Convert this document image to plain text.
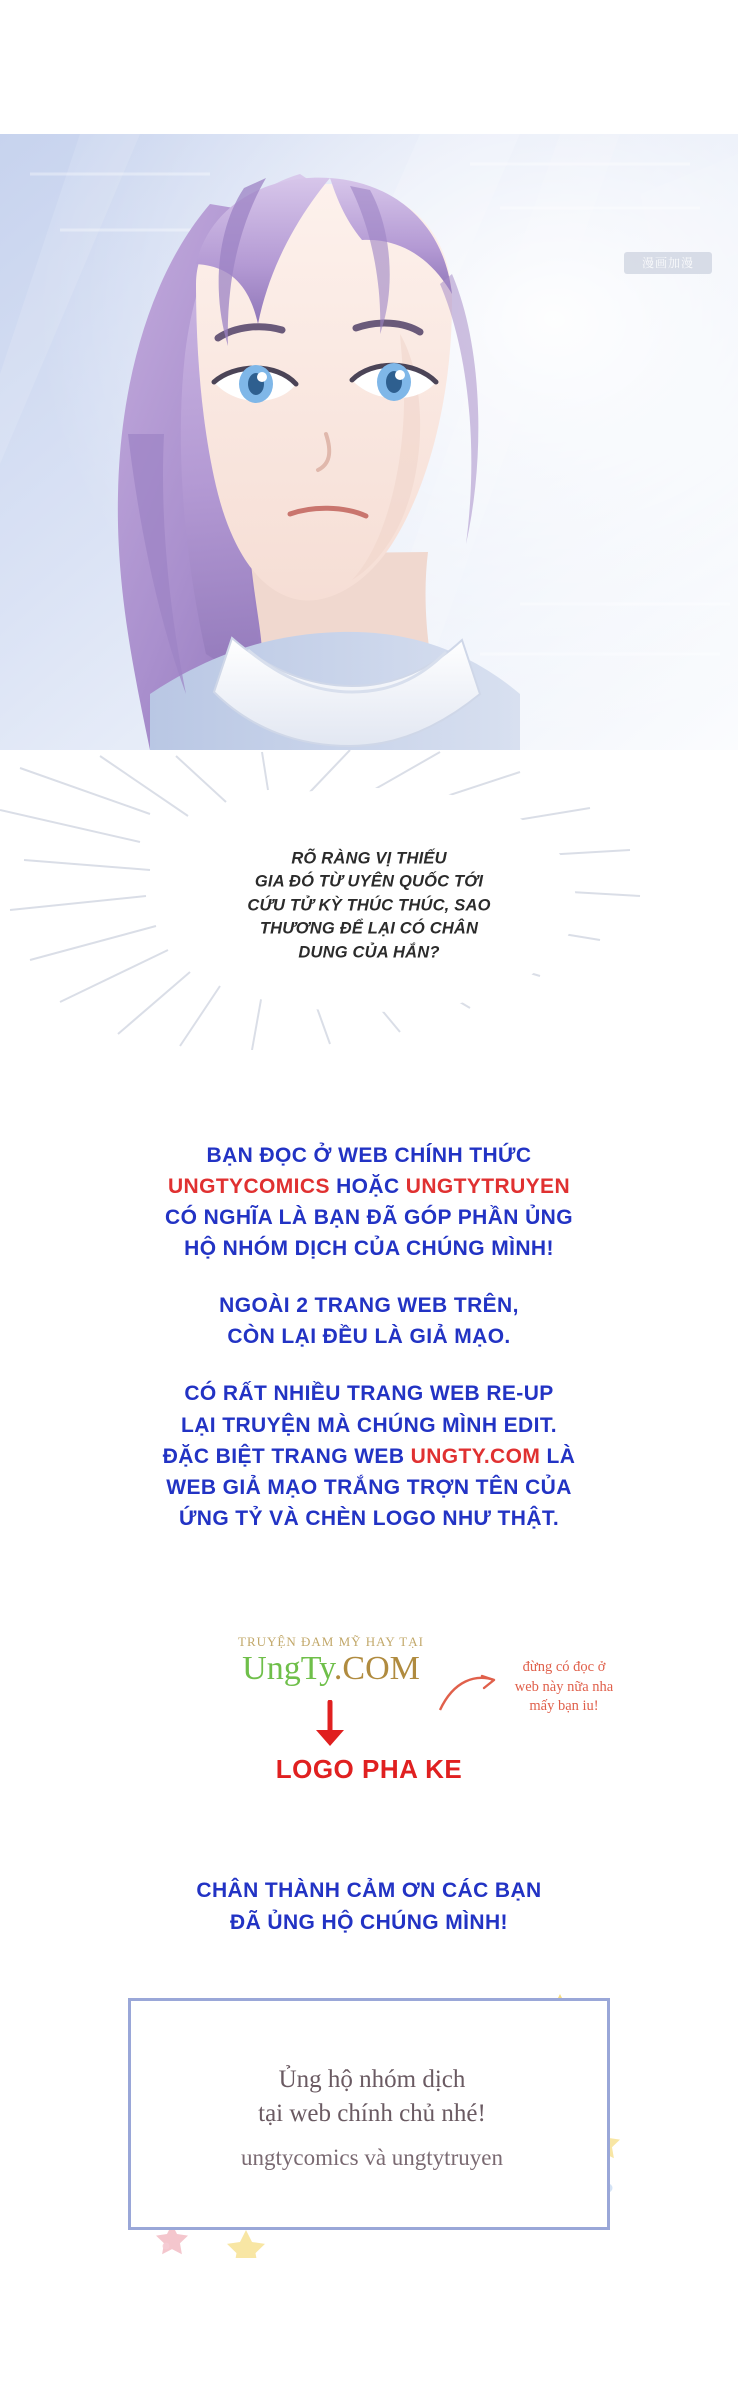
漫画加漫
RÕ RÀNG VỊ THIẾU
GIA ĐÓ TỪ UYÊN QUỐC TỚI
CỨU TỬ KỲ THÚC THÚC, SAO
THƯƠNG ĐỂ LẠI CÓ CHÂN
DUNG CỦA HẮN?
BẠN ĐỌC Ở WEB CHÍNH THỨC
UNGTYCOMICS HOẶC UNGTYTRUYEN
CÓ NGHĨA LÀ BẠN ĐÃ GÓP PHẦN ỦNG
HỘ NHÓM DỊCH CỦA CHÚNG MÌNH!
NGOÀI 2 TRANG WEB TRÊN,
CÒN LẠI ĐỀU LÀ GIẢ MẠO.
CÓ RẤT NHIỀU TRANG WEB RE-UP
LẠI TRUYỆN MÀ CHÚNG MÌNH EDIT.
ĐẶC BIỆT TRANG WEB UNGTY.COM LÀ
WEB GIẢ MẠO TRẮNG TRỢN TÊN CỦA
ỨNG TỶ VÀ CHÈN LOGO NHƯ THẬT.
TRUYỆN ĐAM MỸ HAY TẠI
UngTy.COM	đừng có đọc ở
web này nữa nha
mấy bạn iu!
LOGO PHA KE
CHÂN THÀNH CẢM ƠN CÁC BẠN
ĐÃ ỦNG HỘ CHÚNG MÌNH!
Ủng hộ nhóm dịch
tại web chính chủ nhé!
ungtycomics và ungtytruyen
